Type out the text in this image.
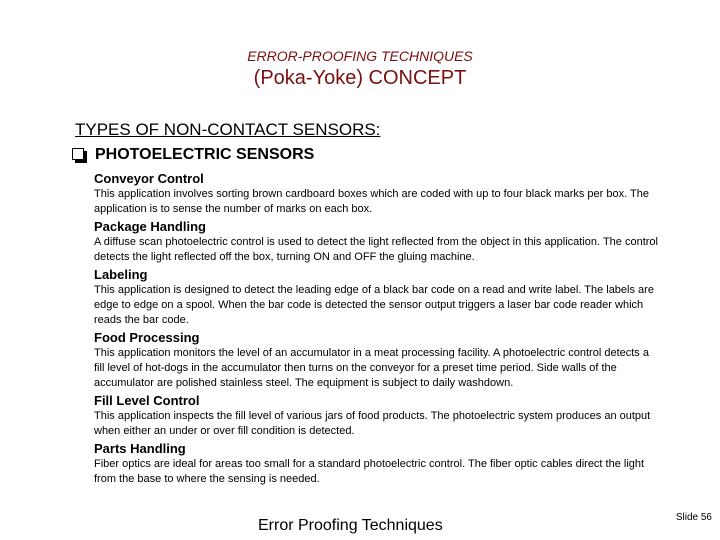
ERROR-PROOFING TECHNIQUES
(Poka-Yoke) CONCEPT
TYPES OF NON-CONTACT SENSORS:
PHOTOELECTRIC SENSORS
Conveyor Control
This application involves sorting brown cardboard boxes which are coded with up to four black marks per box. The application is to sense the number of marks on each box.
Package Handling
A diffuse scan photoelectric control is used to detect the light reflected from the object in this application. The control detects the light reflected off the box, turning ON and OFF the gluing machine.
Labeling
This application is designed to detect the leading edge of a black bar code on a read and write label. The labels are edge to edge on a spool. When the bar code is detected the sensor output triggers a laser bar code reader which reads the bar code.
Food Processing
This application monitors the level of an accumulator in a meat processing facility. A photoelectric control detects a fill level of hot-dogs in the accumulator then turns on the conveyor for a preset time period. Side walls of the accumulator are polished stainless steel. The equipment is subject to daily washdown.
Fill Level Control
This application inspects the fill level of various jars of food products. The photoelectric system produces an output when either an under or over fill condition is detected.
Parts Handling
Fiber optics are ideal for areas too small for a standard photoelectric control. The fiber optic cables direct the light from the base to where the sensing is needed.
Error Proofing Techniques	Slide 56
